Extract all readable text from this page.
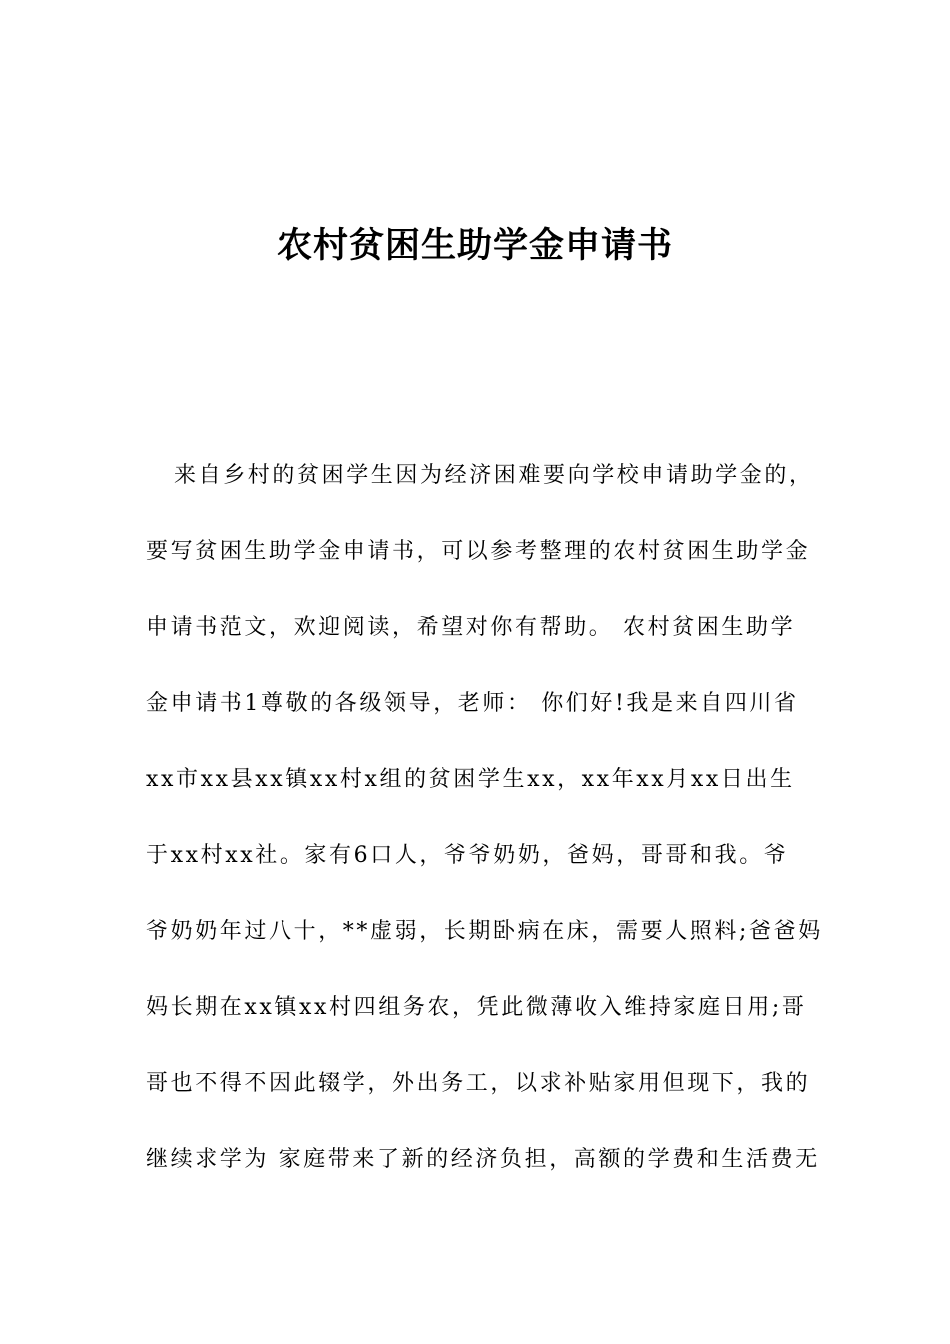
农村贫困生助学金申请书
来自乡村的贫困学生因为经济困难要向学校申请助学金的，
要写贫困生助学金申请书，可以参考整理的农村贫困生助学金
申请书范文，欢迎阅读，希望对你有帮助。 农村贫困生助学
金申请书1尊敬的各级领导，老师： 你们好!我是来自四川省
xx市xx县xx镇xx村x组的贫困学生xx，xx年xx月xx日出生
于xx村xx社。家有6口人，爷爷奶奶，爸妈，哥哥和我。爷
爷奶奶年过八十，**虚弱，长期卧病在床，需要人照料;爸爸妈
妈长期在xx镇xx村四组务农，凭此微薄收入维持家庭日用;哥
哥也不得不因此辍学，外出务工，以求补贴家用但现下，我的
继续求学为 家庭带来了新的经济负担，高额的学费和生活费无
